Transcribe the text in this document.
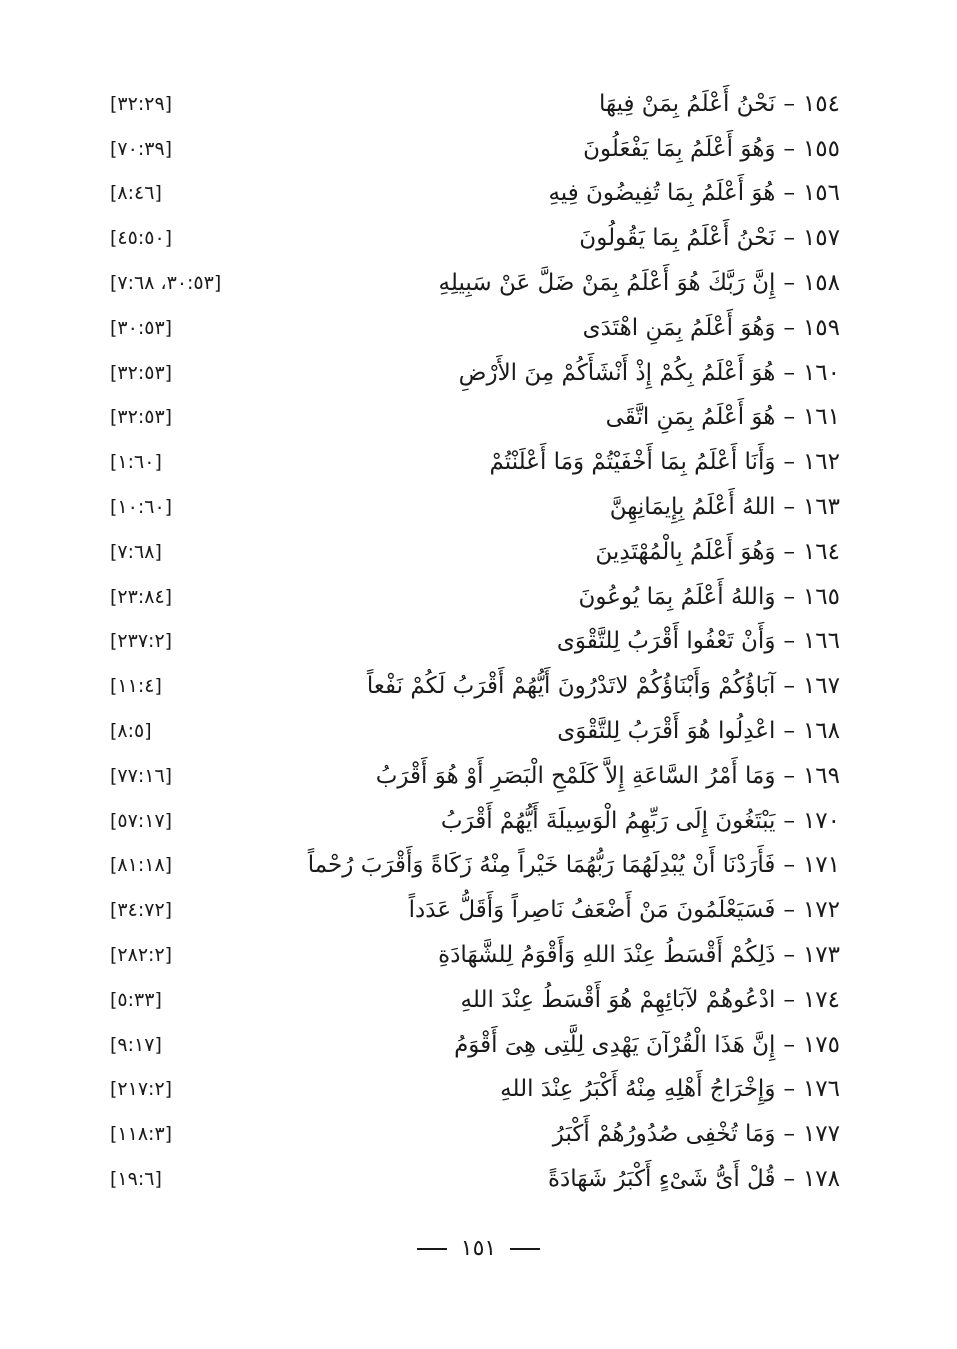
[٣٢:٢٩]	١٥٤–نَحْنُ أَعْلَمُ بِمَنْ فِيهَا
[٧٠:٣٩]	١٥٥–وَهُوَ أَعْلَمُ بِمَا يَفْعَلُونَ
[٨:٤٦]	١٥٦–هُوَ أَعْلَمُ بِمَا تُفِيضُونَ فِيهِ
[٤٥:٥٠]	١٥٧–نَحْنُ أَعْلَمُ بِمَا يَقُولُونَ
[٣٠:٥٣، ٧:٦٨]	١٥٨–إِنَّ رَبَّكَ هُوَ أَعْلَمُ بِمَنْ ضَلَّ عَنْ سَبِيلِهِ
[٣٠:٥٣]	١٥٩–وَهُوَ أَعْلَمُ بِمَنِ اهْتَدَى
[٣٢:٥٣]	١٦٠–هُوَ أَعْلَمُ بِكُمْ إِذْ أَنْشَأَكُمْ مِنَ الأَرْضِ
[٣٢:٥٣]	١٦١–هُوَ أَعْلَمُ بِمَنِ اتَّقَى
[١:٦٠]	١٦٢–وَأَنَا أَعْلَمُ بِمَا أَخْفَيْتُمْ وَمَا أَعْلَنْتُمْ
[١٠:٦٠]	١٦٣–اللهُ أَعْلَمُ بِإِيمَانِهِنَّ
[٧:٦٨]	١٦٤–وَهُوَ أَعْلَمُ بِالْمُهْتَدِينَ
[٢٣:٨٤]	١٦٥–وَاللهُ أَعْلَمُ بِمَا يُوعُونَ
[٢٣٧:٢]	١٦٦–وَأَنْ تَعْفُوا أَقْرَبُ لِلتَّقْوَى
[١١:٤]	١٦٧–آبَاؤُكُمْ وَأَبْنَاؤُكُمْ لاتَدْرُونَ أَيُّهُمْ أَقْرَبُ لَكُمْ نَفْعاً
[٨:٥]	١٦٨–اعْدِلُوا هُوَ أَقْرَبُ لِلتَّقْوَى
[٧٧:١٦]	١٦٩–وَمَا أَمْرُ السَّاعَةِ إِلاَّ كَلَمْحِ الْبَصَرِ أَوْ هُوَ أَقْرَبُ
[٥٧:١٧]	١٧٠–يَبْتَغُونَ إِلَى رَبِّهِمُ الْوَسِيلَةَ أَيُّهُمْ أَقْرَبُ
[٨١:١٨]	١٧١–فَأَرَدْنَا أَنْ يُبْدِلَهُمَا رَبُّهُمَا خَيْراً مِنْهُ زَكَاةً وَأَقْرَبَ رُحْماً
[٣٤:٧٢]	١٧٢–فَسَيَعْلَمُونَ مَنْ أَضْعَفُ نَاصِراً وَأَقَلُّ عَدَداً
[٢٨٢:٢]	١٧٣–ذَلِكُمْ أَقْسَطُ عِنْدَ اللهِ وَأَقْوَمُ لِلشَّهَادَةِ
[٥:٣٣]	١٧٤–ادْعُوهُمْ لآبَائِهِمْ هُوَ أَقْسَطُ عِنْدَ اللهِ
[٩:١٧]	١٧٥–إِنَّ هَذَا الْقُرْآنَ يَهْدِى لِلَّتِى هِىَ أَقْوَمُ
[٢١٧:٢]	١٧٦–وَإِخْرَاجُ أَهْلِهِ مِنْهُ أَكْبَرُ عِنْدَ اللهِ
[١١٨:٣]	١٧٧–وَمَا تُخْفِى صُدُورُهُمْ أَكْبَرُ
[١٩:٦]	١٧٨–قُلْ أَىُّ شَىْءٍ أَكْبَرُ شَهَادَةً
١٥١
